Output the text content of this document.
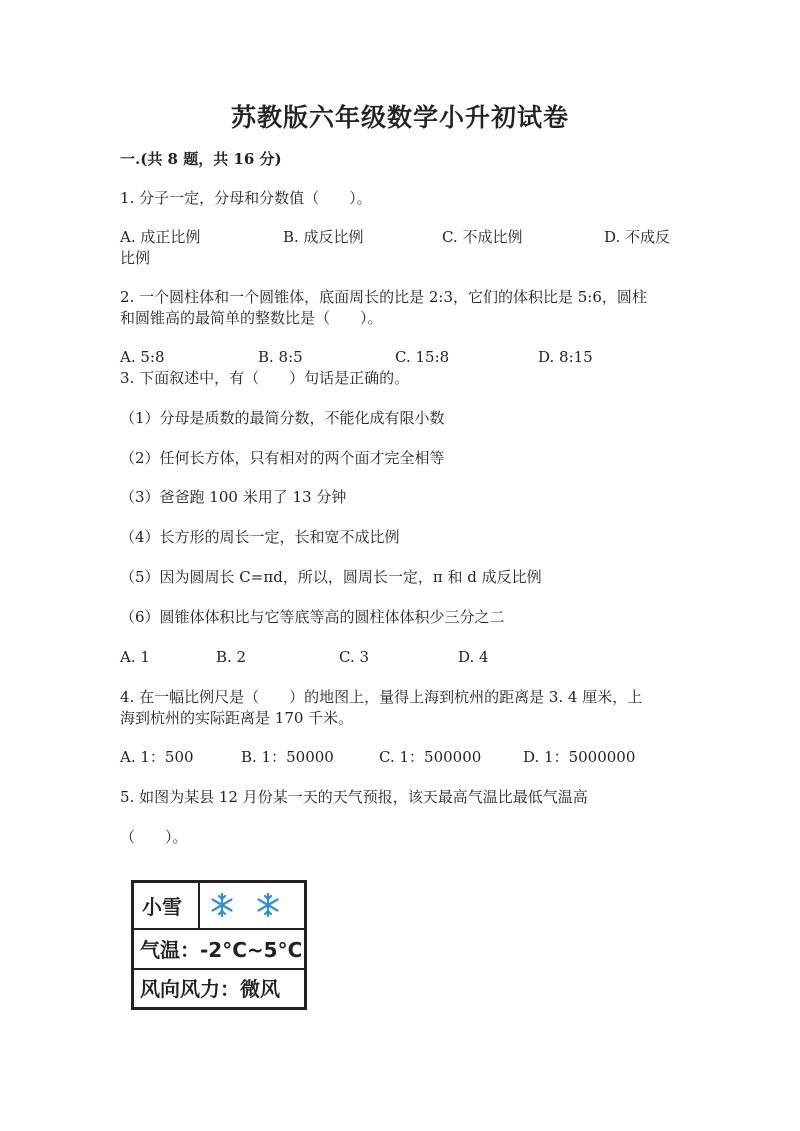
苏教版六年级数学小升初试卷
一.(共 8 题，共 16 分)
1. 分子一定，分母和分数值（　　）。
A. 成正比例	B. 成反比例	C. 不成比例	D. 不成反
比例
2. 一个圆柱体和一个圆锥体，底面周长的比是 2:3，它们的体积比是 5:6，圆柱
和圆锥高的最简单的整数比是（　　）。
A. 5:8	B. 8:5	C. 15:8	D. 8:15
3. 下面叙述中，有（　　）句话是正确的。
（1）分母是质数的最简分数，不能化成有限小数
（2）任何长方体，只有相对的两个面才完全相等
（3）爸爸跑 100 米用了 13 分钟
（4）长方形的周长一定，长和宽不成比例
（5）因为圆周长 C=πd，所以，圆周长一定，π 和 d 成反比例
（6）圆锥体体积比与它等底等高的圆柱体体积少三分之二
A. 1	B. 2	C. 3	D. 4
4. 在一幅比例尺是（　　）的地图上，量得上海到杭州的距离是 3. 4 厘米，上
海到杭州的实际距离是 170 千米。
A. 1：500	B. 1：50000	C. 1：500000	D. 1：5000000
5. 如图为某县 12 月份某一天的天气预报，该天最高气温比最低气温高
（　　）。
小雪
气温：-2°C~5°C
风向风力：微风
